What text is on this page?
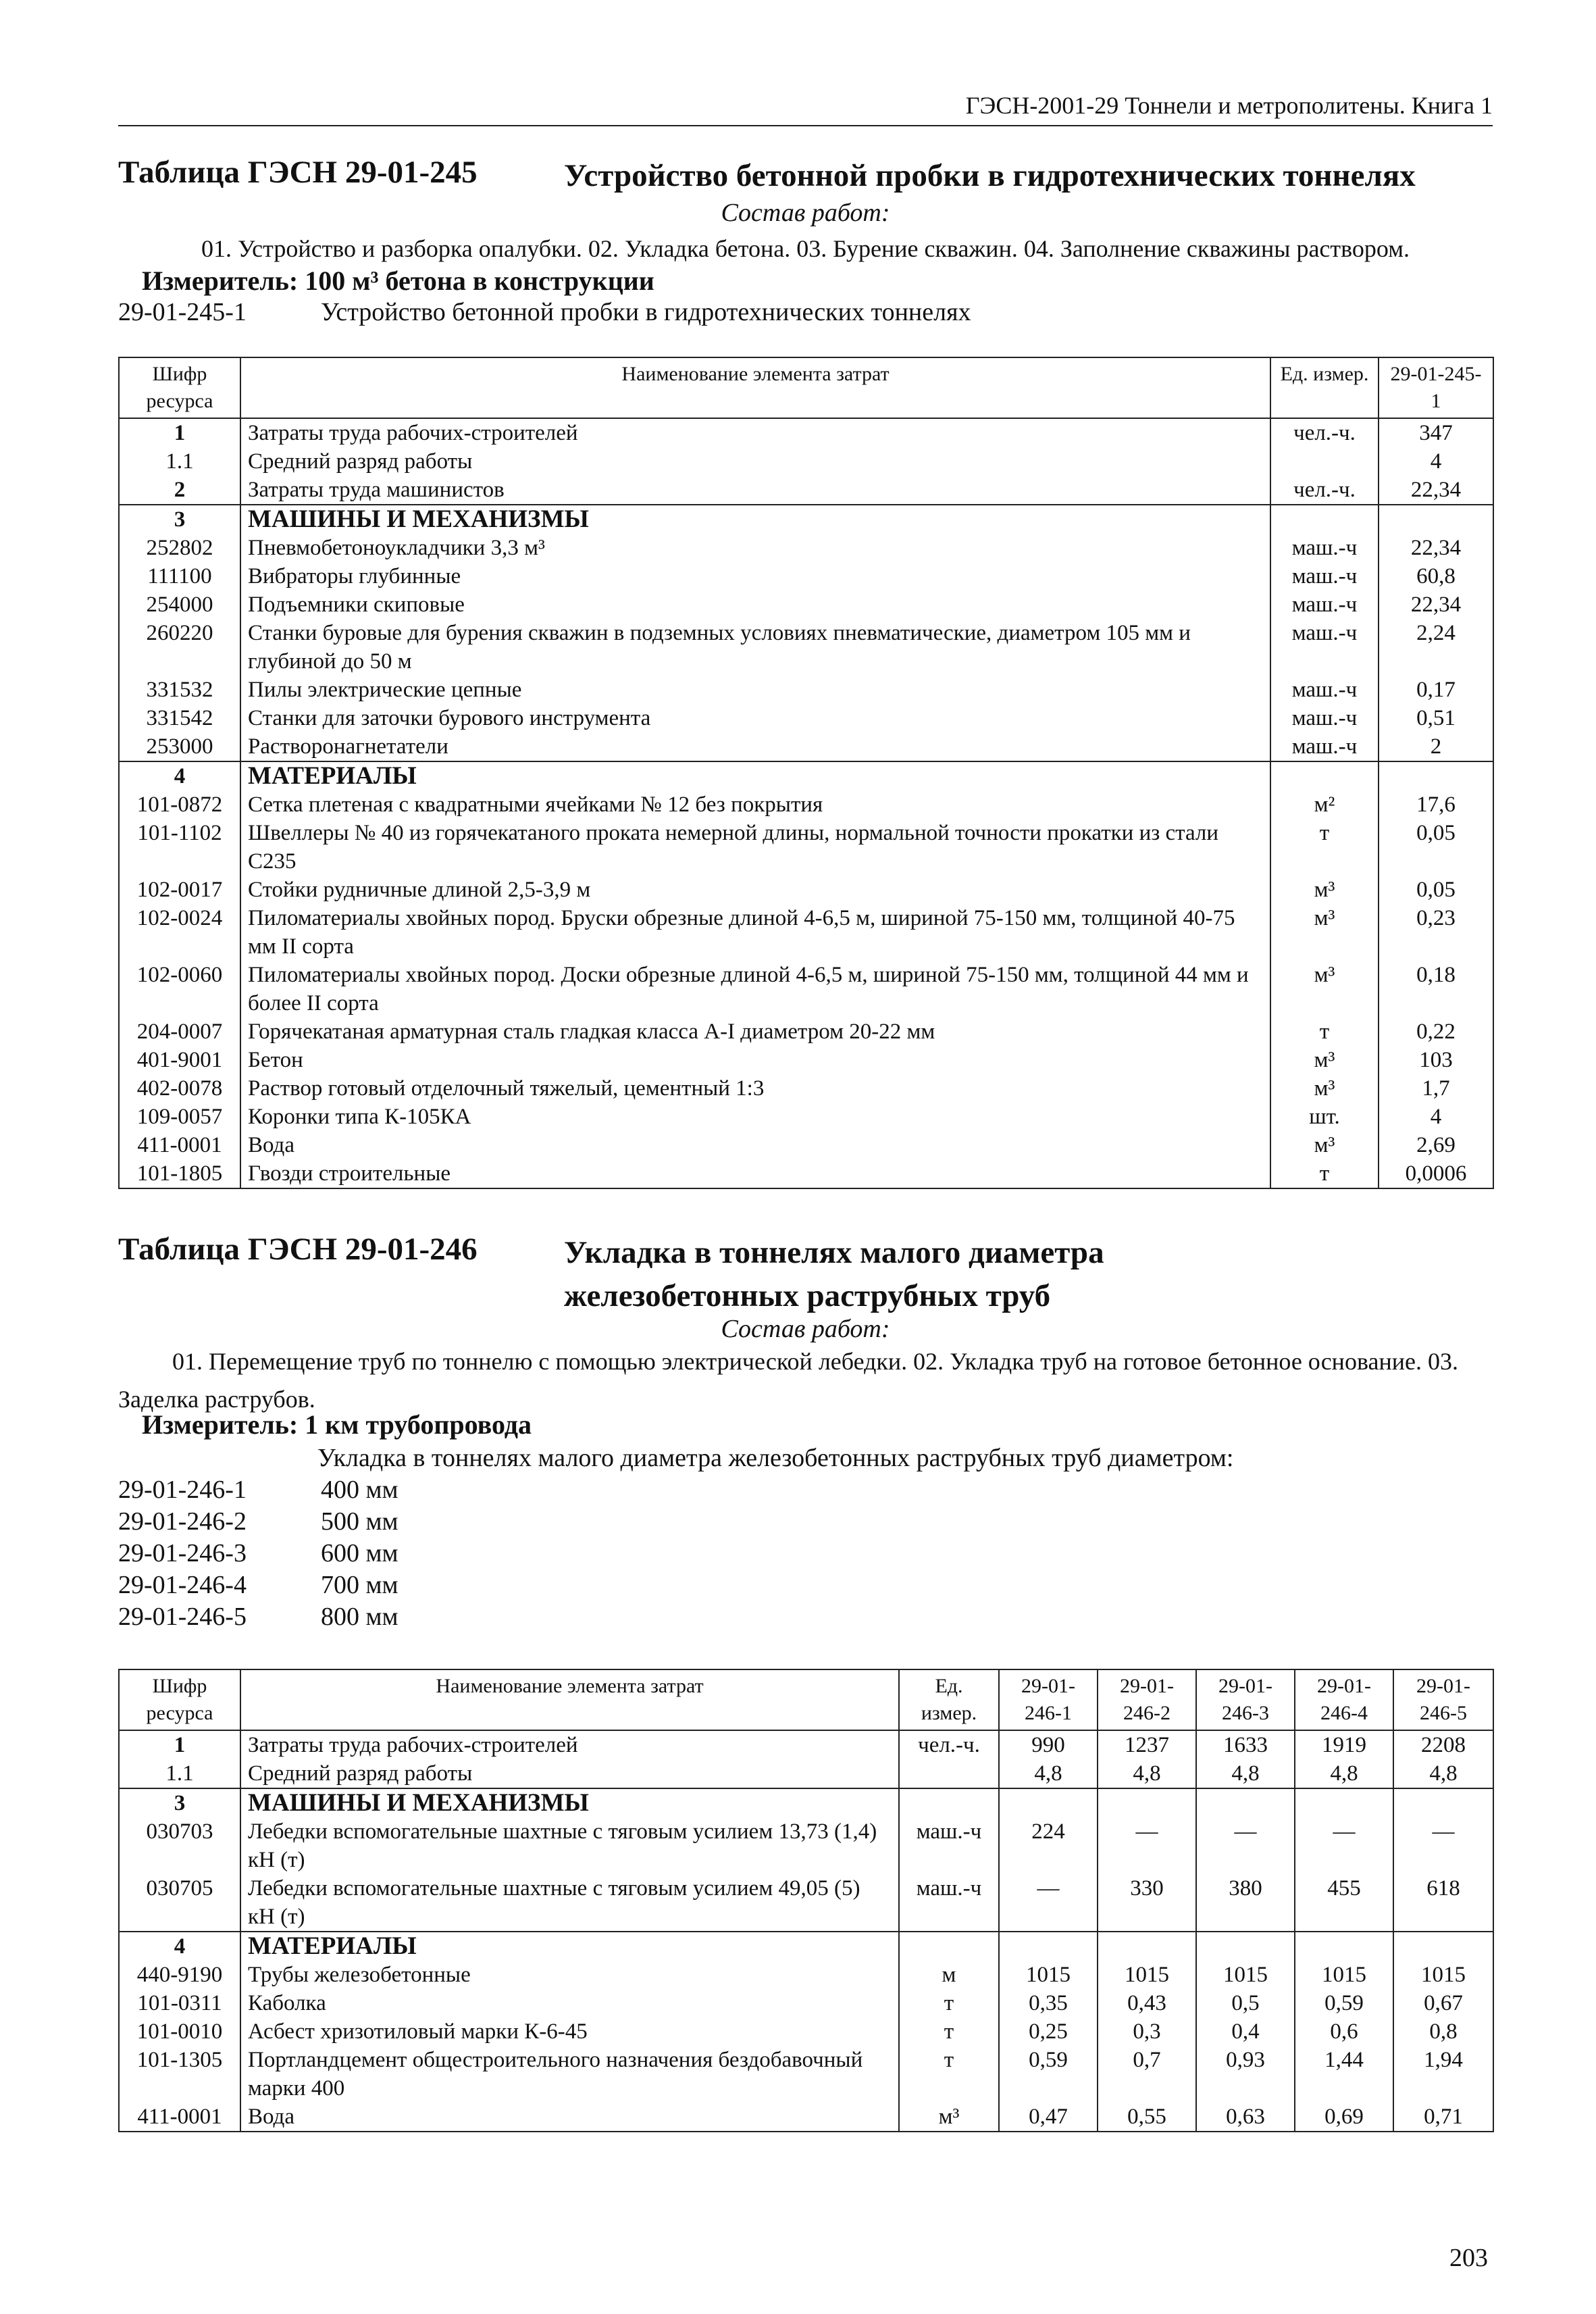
ГЭСН-2001-29 Тоннели и метрополитены. Книга 1
Таблица ГЭСН 29-01-245	Устройство бетонной пробки в гидротехнических тоннелях
Состав работ:
01. Устройство и разборка опалубки. 02. Укладка бетона. 03. Бурение скважин. 04. Заполнение скважины раствором.
Измеритель: 100 м³ бетона в конструкции
29-01-245-1	Устройство бетонной пробки в гидротехнических тоннелях
Шифр ресурса	Наименование элемента затрат	Ед. измер.	29-01-245-1
1	Затраты труда рабочих-строителей	чел.-ч.	347
1.1	Средний разряд работы		4
2	Затраты труда машинистов	чел.-ч.	22,34
3	МАШИНЫ И МЕХАНИЗМЫ		
252802	Пневмобетоноукладчики 3,3 м³	маш.-ч	22,34
111100	Вибраторы глубинные	маш.-ч	60,8
254000	Подъемники скиповые	маш.-ч	22,34
260220	Станки буровые для бурения скважин в подземных условиях пневматические, диаметром 105 мм и глубиной до 50 м	маш.-ч	2,24
331532	Пилы электрические цепные	маш.-ч	0,17
331542	Станки для заточки бурового инструмента	маш.-ч	0,51
253000	Растворонагнетатели	маш.-ч	2
4	МАТЕРИАЛЫ		
101-0872	Сетка плетеная с квадратными ячейками № 12 без покрытия	м²	17,6
101-1102	Швеллеры № 40 из горячекатаного проката немерной длины, нормальной точности прокатки из стали С235	т	0,05
102-0017	Стойки рудничные длиной 2,5-3,9 м	м³	0,05
102-0024	Пиломатериалы хвойных пород. Бруски обрезные длиной 4-6,5 м, шириной 75-150 мм, толщиной 40-75 мм II сорта	м³	0,23
102-0060	Пиломатериалы хвойных пород. Доски обрезные длиной 4-6,5 м, шириной 75-150 мм, толщиной 44 мм и более II сорта	м³	0,18
204-0007	Горячекатаная арматурная сталь гладкая класса А-I диаметром 20-22 мм	т	0,22
401-9001	Бетон	м³	103
402-0078	Раствор готовый отделочный тяжелый, цементный 1:3	м³	1,7
109-0057	Коронки типа К-105КА	шт.	4
411-0001	Вода	м³	2,69
101-1805	Гвозди строительные	т	0,0006
Таблица ГЭСН 29-01-246	Укладка в тоннелях малого диаметра железобетонных раструбных труб
Состав работ:
01. Перемещение труб по тоннелю с помощью электрической лебедки. 02. Укладка труб на готовое бетонное основание. 03. Заделка раструбов.
Измеритель: 1 км трубопровода
Укладка в тоннелях малого диаметра железобетонных раструбных труб диаметром:
29-01-246-1	400 мм
29-01-246-2	500 мм
29-01-246-3	600 мм
29-01-246-4	700 мм
29-01-246-5	800 мм
Шифр ресурса	Наименование элемента затрат	Ед. измер.	29-01-246-1	29-01-246-2	29-01-246-3	29-01-246-4	29-01-246-5
1	Затраты труда рабочих-строителей	чел.-ч.	990	1237	1633	1919	2208
1.1	Средний разряд работы		4,8	4,8	4,8	4,8	4,8
3	МАШИНЫ И МЕХАНИЗМЫ						
030703	Лебедки вспомогательные шахтные с тяговым усилием 13,73 (1,4) кН (т)	маш.-ч	224	—	—	—	—
030705	Лебедки вспомогательные шахтные с тяговым усилием 49,05 (5) кН (т)	маш.-ч	—	330	380	455	618
4	МАТЕРИАЛЫ						
440-9190	Трубы железобетонные	м	1015	1015	1015	1015	1015
101-0311	Каболка	т	0,35	0,43	0,5	0,59	0,67
101-0010	Асбест хризотиловый марки К-6-45	т	0,25	0,3	0,4	0,6	0,8
101-1305	Портландцемент общестроительного назначения бездобавочный марки 400	т	0,59	0,7	0,93	1,44	1,94
411-0001	Вода	м³	0,47	0,55	0,63	0,69	0,71
203
